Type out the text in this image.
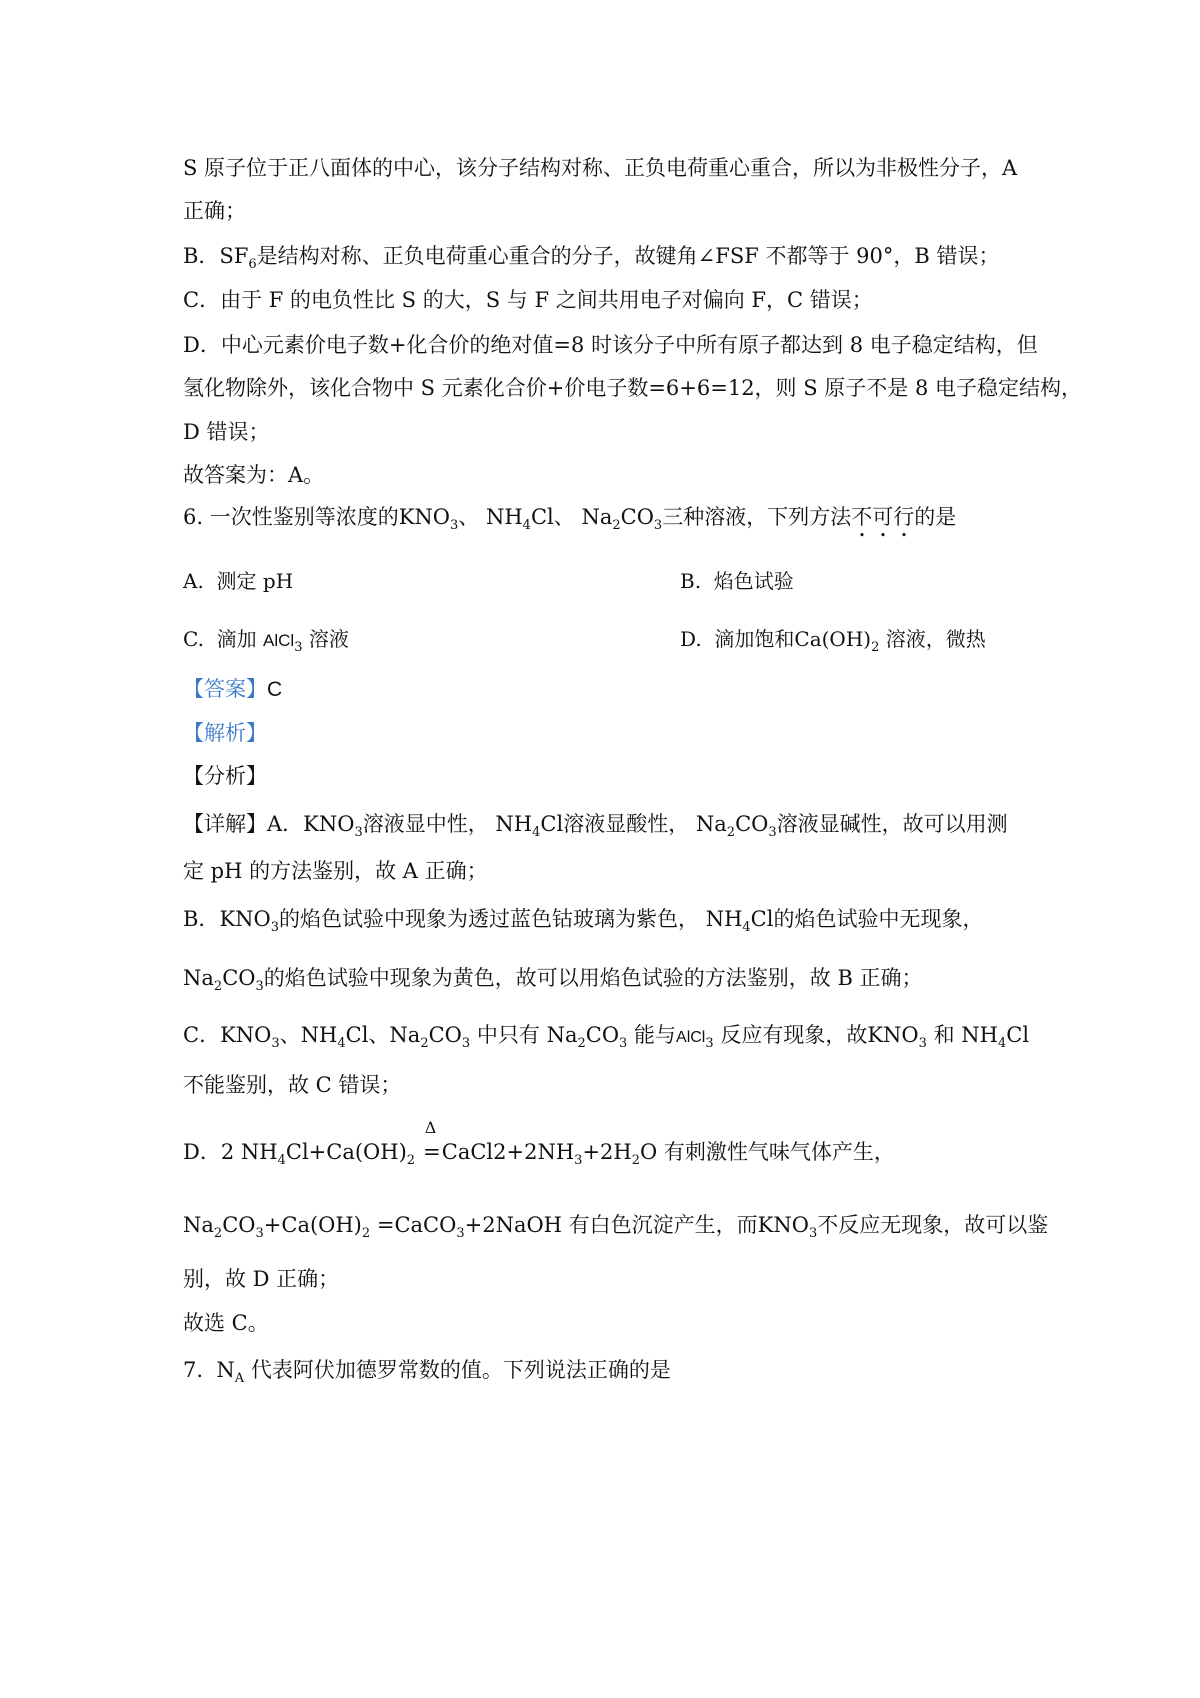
S 原子位于正八面体的中心，该分子结构对称、正负电荷重心重合，所以为非极性分子，A
正确；
B．$SF_6$是结构对称、正负电荷重心重合的分子，故键角∠FSF 不都等于 90°，B 错误；
C．由于 F 的电负性比 S 的大，S 与 F 之间共用电子对偏向 F，C 错误；
D．中心元素价电子数+化合价的绝对值=8 时该分子中所有原子都达到 8 电子稳定结构，但
氢化物除外，该化合物中 S 元素化合价+价电子数=6+6=12，则 S 原子不是 8 电子稳定结构，
D 错误；
故答案为：A。
6. 一次性鉴别等浓度的$KNO_3$、 $NH_4Cl$、 $Na_2CO_3$三种溶液，下列方法不可行的是
A. 测定 pH	B. 焰色试验
C. 滴加 AlCl$_3$ 溶液	D. 滴加饱和$Ca(OH)_2$ 溶液，微热
【答案】C
【解析】
【分析】
【详解】A．$KNO_3$溶液显中性， $NH_4Cl$溶液显酸性， $Na_2CO_3$溶液显碱性，故可以用测
定 pH 的方法鉴别，故 A 正确；
B．$KNO_3$的焰色试验中现象为透过蓝色钴玻璃为紫色， $NH_4Cl$的焰色试验中无现象，
$Na_2CO_3$的焰色试验中现象为黄色，故可以用焰色试验的方法鉴别，故 B 正确；
C．$KNO_3$、$NH_4Cl$、$Na_2CO_3$ 中只有 $Na_2CO_3$ 能与AlCl$_3$ 反应有现象，故$KNO_3$ 和 $NH_4Cl$
不能鉴别，故 C 错误；
D．2 $NH_4Cl+Ca(OH)_2$
Δ
$=CaCl2+2NH_3+2H_2O$ 有刺激性气味气体产生，
$Na_2CO_3+Ca(OH)_2$ =CaCO$_3$+2NaOH 有白色沉淀产生，而$KNO_3$不反应无现象，故可以鉴
别，故 D 正确；
故选 C。
7. $N_A$ 代表阿伏加德罗常数的值。下列说法正确的是
